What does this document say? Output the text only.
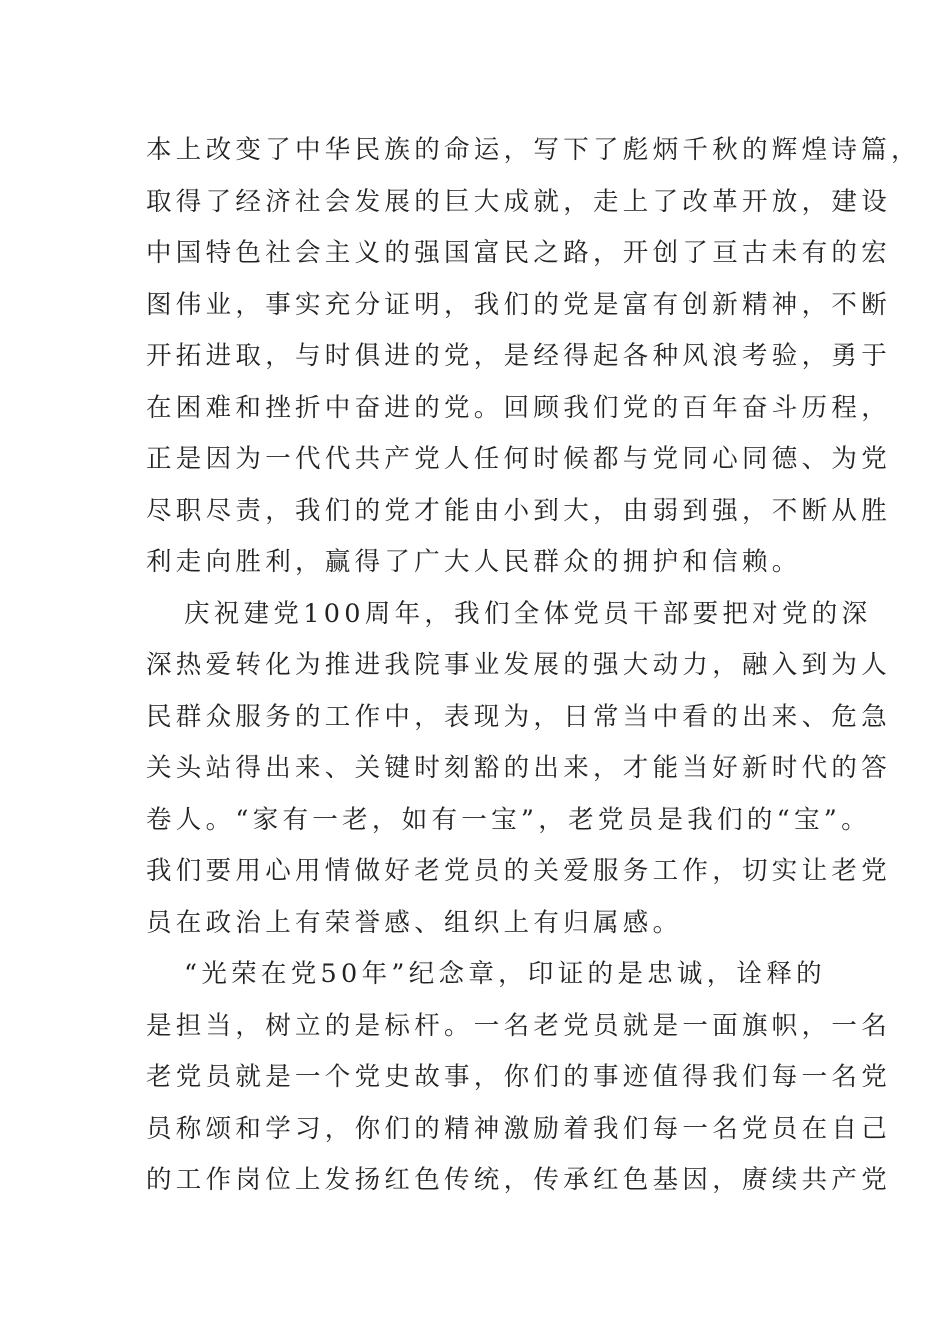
本上改变了中华民族的命运，写下了彪炳千秋的辉煌诗篇，
取得了经济社会发展的巨大成就，走上了改革开放，建设
中国特色社会主义的强国富民之路，开创了亘古未有的宏
图伟业，事实充分证明，我们的党是富有创新精神，不断
开拓进取，与时俱进的党，是经得起各种风浪考验，勇于
在困难和挫折中奋进的党。回顾我们党的百年奋斗历程，
正是因为一代代共产党人任何时候都与党同心同德、为党
尽职尽责，我们的党才能由小到大，由弱到强，不断从胜
利走向胜利，赢得了广大人民群众的拥护和信赖。
庆祝建党100周年，我们全体党员干部要把对党的深
深热爱转化为推进我院事业发展的强大动力，融入到为人
民群众服务的工作中，表现为，日常当中看的出来、危急
关头站得出来、关键时刻豁的出来，才能当好新时代的答
卷人。“家有一老，如有一宝”，老党员是我们的“宝”。
我们要用心用情做好老党员的关爱服务工作，切实让老党
员在政治上有荣誉感、组织上有归属感。
“光荣在党50年”纪念章，印证的是忠诚，诠释的
是担当，树立的是标杆。一名老党员就是一面旗帜，一名
老党员就是一个党史故事，你们的事迹值得我们每一名党
员称颂和学习，你们的精神激励着我们每一名党员在自己
的工作岗位上发扬红色传统，传承红色基因，赓续共产党
